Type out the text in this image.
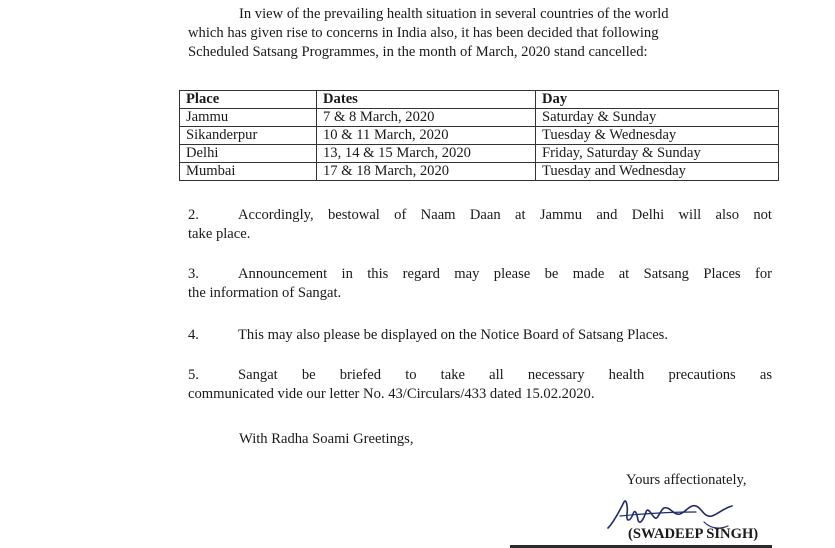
In view of the prevailing health situation in several countries of the world
which has given rise to concerns in India also, it has been decided that following
Scheduled Satsang Programmes, in the month of March, 2020 stand cancelled:
Place	Dates	Day
Jammu	7 & 8 March, 2020	Saturday & Sunday
Sikanderpur	10 & 11 March, 2020	Tuesday & Wednesday
Delhi	13, 14 & 15 March, 2020	Friday, Saturday & Sunday
Mumbai	17 & 18 March, 2020	Tuesday and Wednesday
2.	Accordingly, bestowal of Naam Daan at Jammu and Delhi will also not
take place.
3.	Announcement in this regard may please be made at Satsang Places for
the information of Sangat.
4.	This may also please be displayed on the Notice Board of Satsang Places.
5.	Sangat be briefed to take all necessary health precautions as
communicated vide our letter No. 43/Circulars/433 dated 15.02.2020.
With Radha Soami Greetings,
Yours affectionately,
(SWADEEP SINGH)
